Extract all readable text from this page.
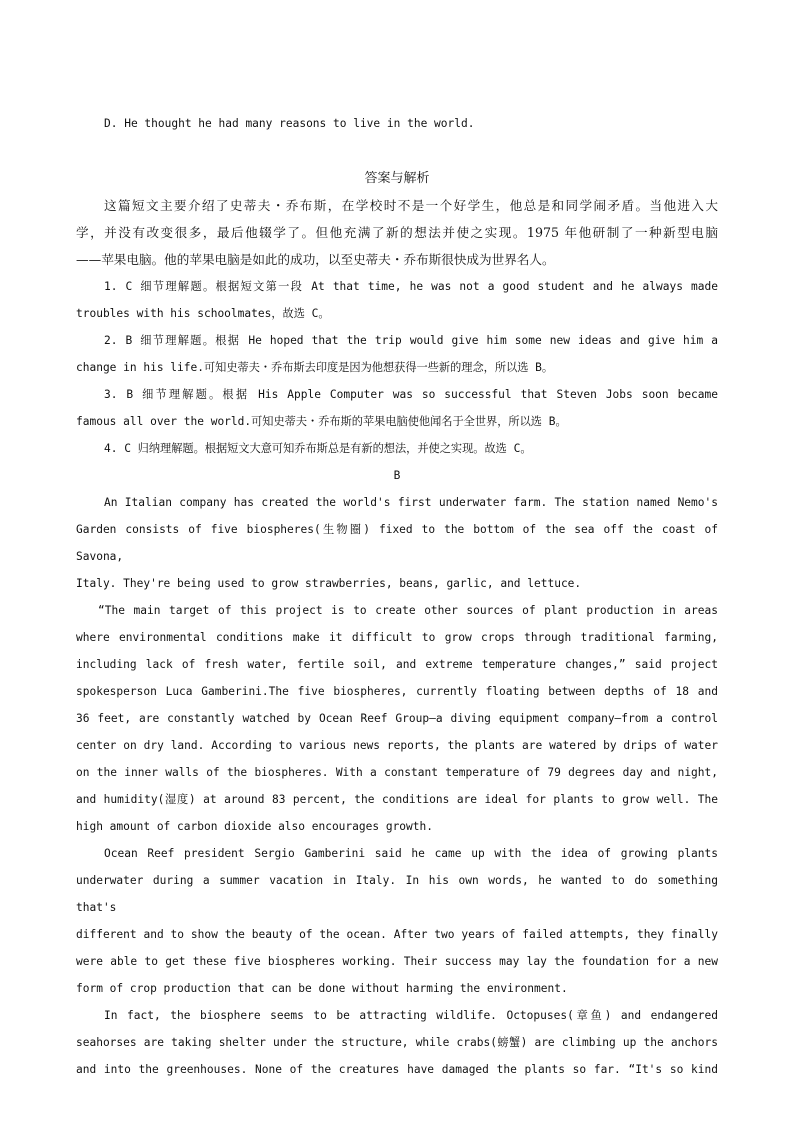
D. He thought he had many reasons to live in the world.

答案与解析

这篇短文主要介绍了史蒂夫・乔布斯，在学校时不是一个好学生，他总是和同学闹矛盾。当他进入大

学，并没有改变很多，最后他辍学了。但他充满了新的想法并使之实现。1975 年他研制了一种新型电脑

——苹果电脑。他的苹果电脑是如此的成功，以至史蒂夫・乔布斯很快成为世界名人。

1. C 细节理解题。根据短文第一段 At that time, he was not a good student and he always made

troubles with his schoolmates，故选 C。

2. B 细节理解题。根据 He hoped that the trip would give him some new ideas and give him a

change in his life.可知史蒂夫・乔布斯去印度是因为他想获得一些新的理念，所以选 B。

3. B 细节理解题。根据 His Apple Computer was so successful that Steven Jobs soon became

famous all over the world.可知史蒂夫・乔布斯的苹果电脑使他闻名于全世界，所以选 B。

4. C 归纳理解题。根据短文大意可知乔布斯总是有新的想法，并使之实现。故选 C。

B

An Italian company has created the world's first underwater farm. The station named Nemo's

Garden consists of five biospheres(生物圈) fixed to the bottom of the sea off the coast of Savona,

Italy. They're being used to grow strawberries, beans, garlic, and lettuce.

“The main target of this project is to create other sources of plant production in areas

where environmental conditions make it difficult to grow crops through traditional farming,

including lack of fresh water, fertile soil, and extreme temperature changes,” said project

spokesperson Luca Gamberini.The five biospheres, currently floating between depths of 18 and

36 feet, are constantly watched by Ocean Reef Group—a diving equipment company—from a control

center on dry land. According to various news reports, the plants are watered by drips of water

on the inner walls of the biospheres. With a constant temperature of 79 degrees day and night,

and humidity(湿度) at around 83 percent, the conditions are ideal for plants to grow well. The

high amount of carbon dioxide also encourages growth.

Ocean Reef president Sergio Gamberini said he came up with the idea of growing plants

underwater during a summer vacation in Italy. In his own words, he wanted to do something that's

different and to show the beauty of the ocean. After two years of failed attempts, they finally

were able to get these five biospheres working. Their success may lay the foundation for a new

form of crop production that can be done without harming the environment.

In fact, the biosphere seems to be attracting wildlife. Octopuses(章鱼) and endangered

seahorses are taking shelter under the structure, while crabs(螃蟹) are climbing up the anchors

and into the greenhouses. None of the creatures have damaged the plants so far. “It's so kind
